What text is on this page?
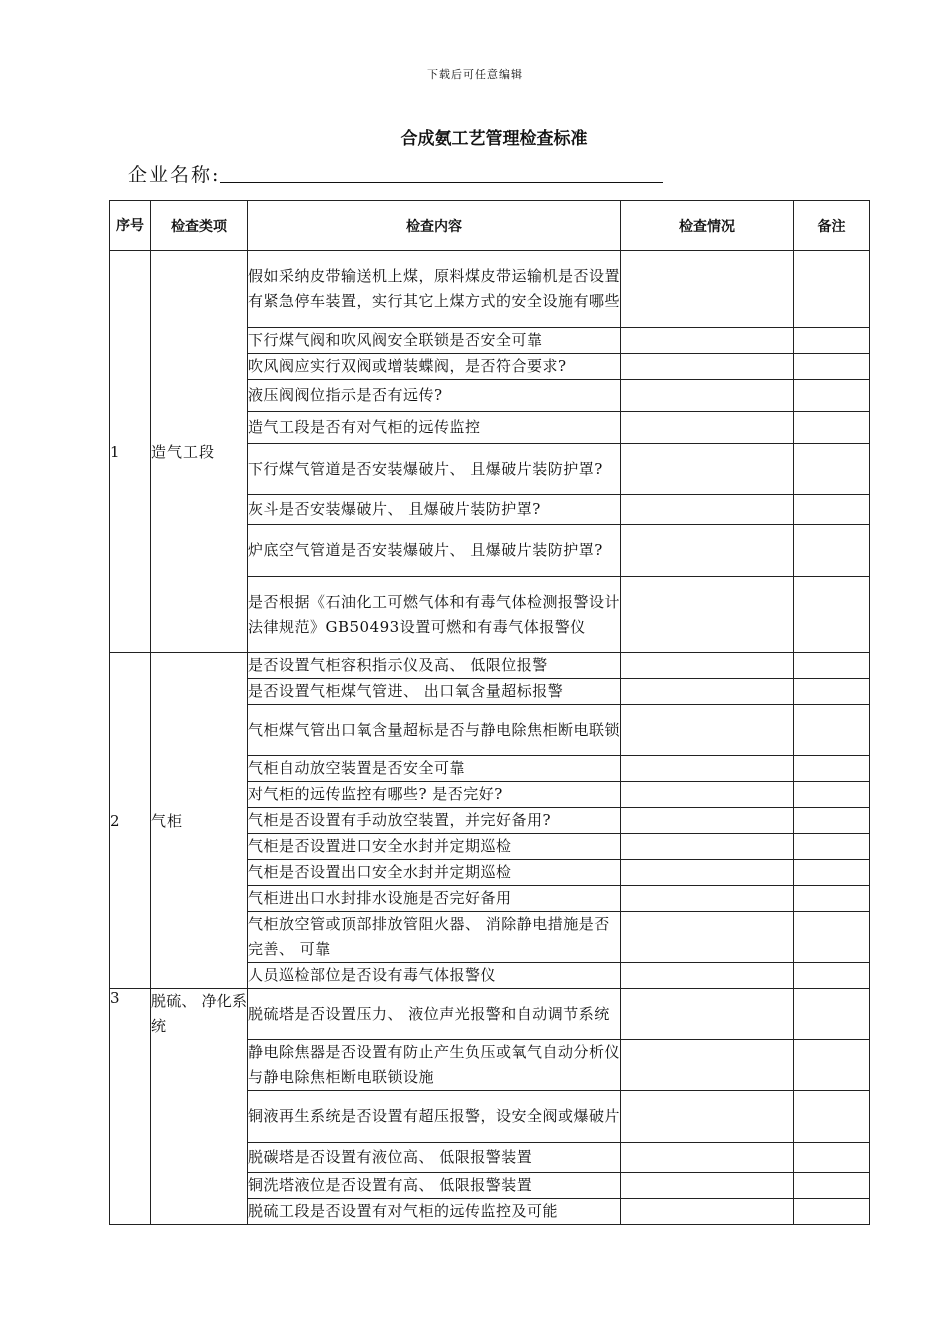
下载后可任意编辑
合成氨工艺管理检查标准
企业名称:
序号	检查类项	检查内容	检查情况	备注
1	造气工段	假如采纳皮带输送机上煤，原料煤皮带运输机是否设置有紧急停车装置，实行其它上煤方式的安全设施有哪些		
		下行煤气阀和吹风阀安全联锁是否安全可靠		
		吹风阀应实行双阀或增装蝶阀，是否符合要求?		
		液压阀阀位指示是否有远传?		
		造气工段是否有对气柜的远传监控		
		下行煤气管道是否安装爆破片、 且爆破片装防护罩?		
		灰斗是否安装爆破片、 且爆破片装防护罩?		
		炉底空气管道是否安装爆破片、 且爆破片装防护罩?		
		是否根据《石油化工可燃气体和有毒气体检测报警设计法律规范》GB50493设置可燃和有毒气体报警仪		
2	气柜	是否设置气柜容积指示仪及高、 低限位报警		
		是否设置气柜煤气管进、 出口氧含量超标报警		
		气柜煤气管出口氧含量超标是否与静电除焦柜断电联锁		
		气柜自动放空装置是否安全可靠		
		对气柜的远传监控有哪些? 是否完好?		
		气柜是否设置有手动放空装置，并完好备用?		
		气柜是否设置进口安全水封并定期巡检		
		气柜是否设置出口安全水封并定期巡检		
		气柜进出口水封排水设施是否完好备用		
		气柜放空管或顶部排放管阻火器、 消除静电措施是否完善、 可靠		
		人员巡检部位是否设有毒气体报警仪		
3	脱硫、 净化系统	脱硫塔是否设置压力、 液位声光报警和自动调节系统		
		静电除焦器是否设置有防止产生负压或氧气自动分析仪与静电除焦柜断电联锁设施		
		铜液再生系统是否设置有超压报警，设安全阀或爆破片		
		脱碳塔是否设置有液位高、 低限报警装置		
		铜洗塔液位是否设置有高、 低限报警装置		
		脱硫工段是否设置有对气柜的远传监控及可能		
